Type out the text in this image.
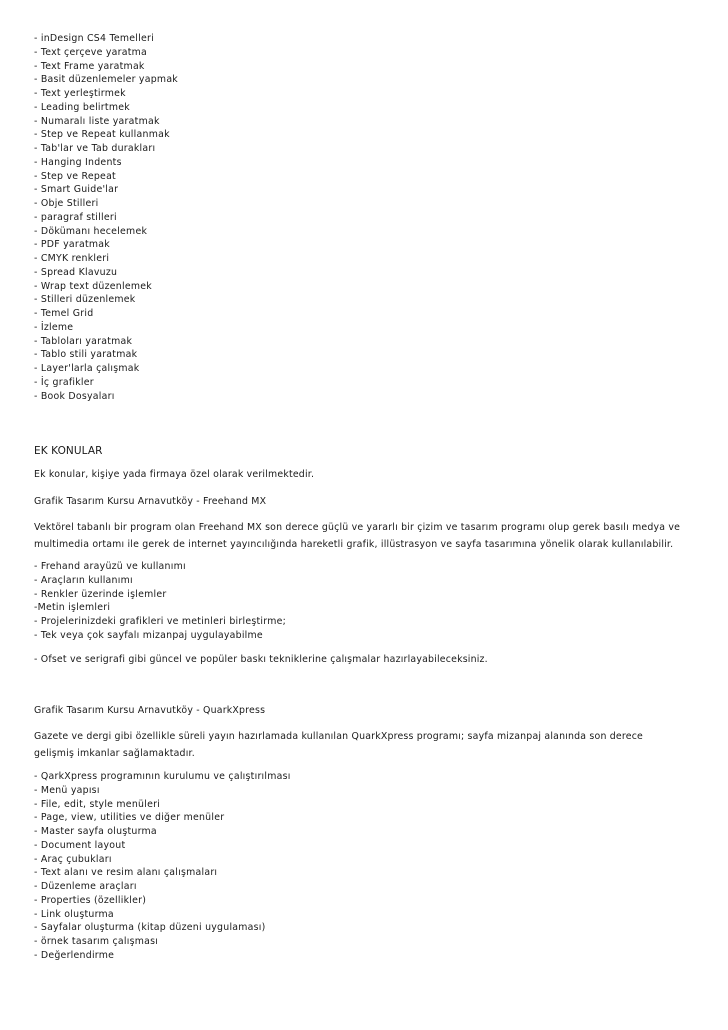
- inDesign CS4 Temelleri
- Text çerçeve yaratma
- Text Frame yaratmak
- Basit düzenlemeler yapmak
- Text yerleştirmek
- Leading belirtmek
- Numaralı liste yaratmak
- Step ve Repeat kullanmak
- Tab'lar ve Tab durakları
- Hanging Indents
- Step ve Repeat
- Smart Guide'lar
- Obje Stilleri
- paragraf stilleri
- Dökümanı hecelemek
- PDF yaratmak
- CMYK renkleri
- Spread Klavuzu
- Wrap text düzenlemek
- Stilleri düzenlemek
- Temel Grid
- İzleme
- Tabloları yaratmak
- Tablo stili yaratmak
- Layer'larla çalışmak
- İç grafikler
- Book Dosyaları
EK KONULAR

Ek konular, kişiye yada firmaya özel olarak verilmektedir.

Grafik Tasarım Kursu Arnavutköy - Freehand MX

Vektörel tabanlı bir program olan Freehand MX son derece güçlü ve yararlı bir çizim ve tasarım programı olup gerek basılı medya ve multimedia ortamı ile gerek de internet yayıncılığında hareketli grafik, illüstrasyon ve sayfa tasarımına yönelik olarak kullanılabilir.

- Frehand arayüzü ve kullanımı
- Araçların kullanımı
- Renkler üzerinde işlemler
-Metin işlemleri
- Projelerinizdeki grafikleri ve metinleri birleştirme;
- Tek veya çok sayfalı mizanpaj uygulayabilme

- Ofset ve serigrafi gibi güncel ve popüler baskı tekniklerine çalışmalar hazırlayabileceksiniz.

Grafik Tasarım Kursu Arnavutköy - QuarkXpress

Gazete ve dergi gibi özellikle süreli yayın hazırlamada kullanılan QuarkXpress programı; sayfa mizanpaj alanında son derece gelişmiş imkanlar sağlamaktadır.

- QarkXpress programının kurulumu ve çalıştırılması
- Menü yapısı
- File, edit, style menüleri
- Page, view, utilities ve diğer menüler
- Master sayfa oluşturma
- Document layout
- Araç çubukları
- Text alanı ve resim alanı çalışmaları
- Düzenleme araçları
- Properties (özellikler)
- Link oluşturma
- Sayfalar oluşturma (kitap düzeni uygulaması)
- örnek tasarım çalışması
- Değerlendirme
